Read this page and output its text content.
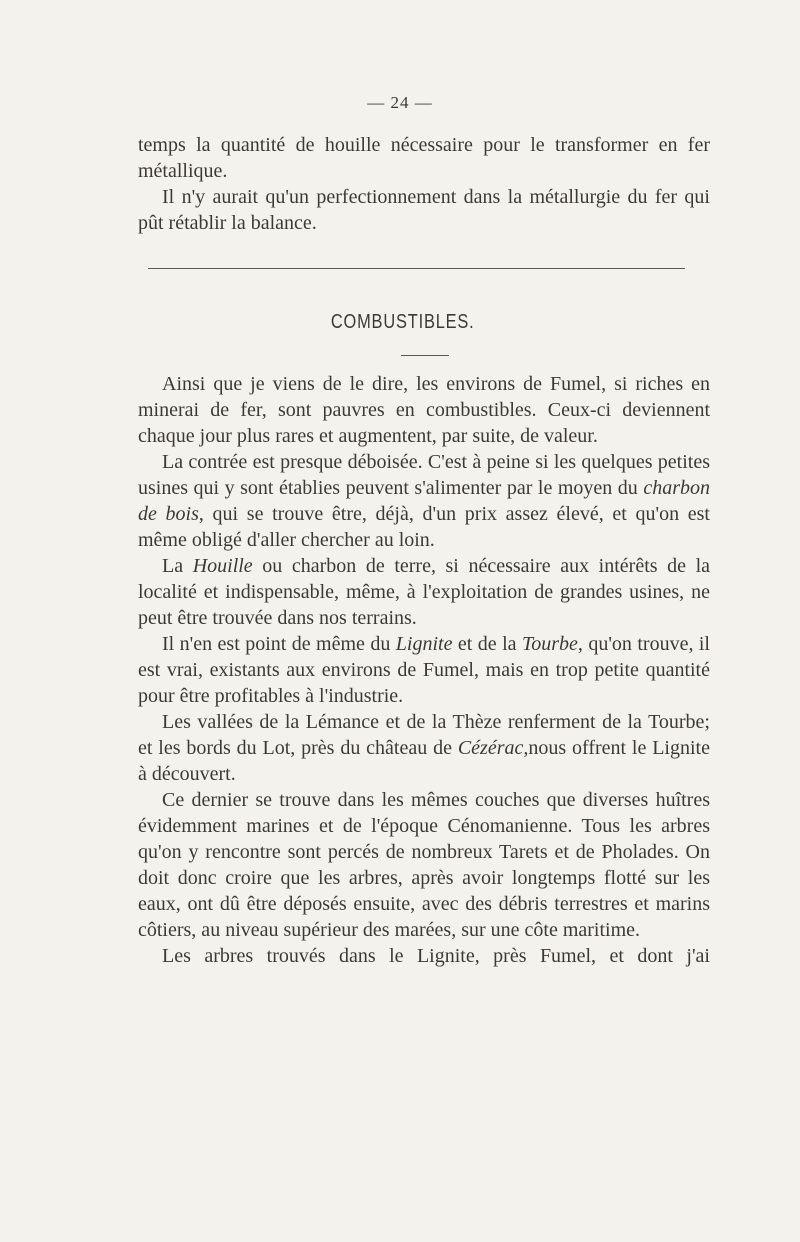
— 24 —

temps la quantité de houille nécessaire pour le transformer en fer métallique.

Il n'y aurait qu'un perfectionnement dans la métallurgie du fer qui pût rétablir la balance.

COMBUSTIBLES.

Ainsi que je viens de le dire, les environs de Fumel, si riches en minerai de fer, sont pauvres en combustibles. Ceux-ci deviennent chaque jour plus rares et augmentent, par suite, de valeur.

La contrée est presque déboisée. C'est à peine si les quelques petites usines qui y sont établies peuvent s'alimenter par le moyen du charbon de bois, qui se trouve être, déjà, d'un prix assez élevé, et qu'on est même obligé d'aller chercher au loin.

La Houille ou charbon de terre, si nécessaire aux intérêts de la localité et indispensable, même, à l'exploitation de grandes usines, ne peut être trouvée dans nos terrains.

Il n'en est point de même du Lignite et de la Tourbe, qu'on trouve, il est vrai, existants aux environs de Fumel, mais en trop petite quantité pour être profitables à l'industrie.

Les vallées de la Lémance et de la Thèze renferment de la Tourbe; et les bords du Lot, près du château de Cézérac,nous offrent le Lignite à découvert.

Ce dernier se trouve dans les mêmes couches que diverses huîtres évidemment marines et de l'époque Cénomanienne. Tous les arbres qu'on y rencontre sont percés de nombreux Tarets et de Pholades. On doit donc croire que les arbres, après avoir longtemps flotté sur les eaux, ont dû être déposés ensuite, avec des débris terrestres et marins côtiers, au niveau supérieur des marées, sur une côte maritime.

Les arbres trouvés dans le Lignite, près Fumel, et dont j'ai
